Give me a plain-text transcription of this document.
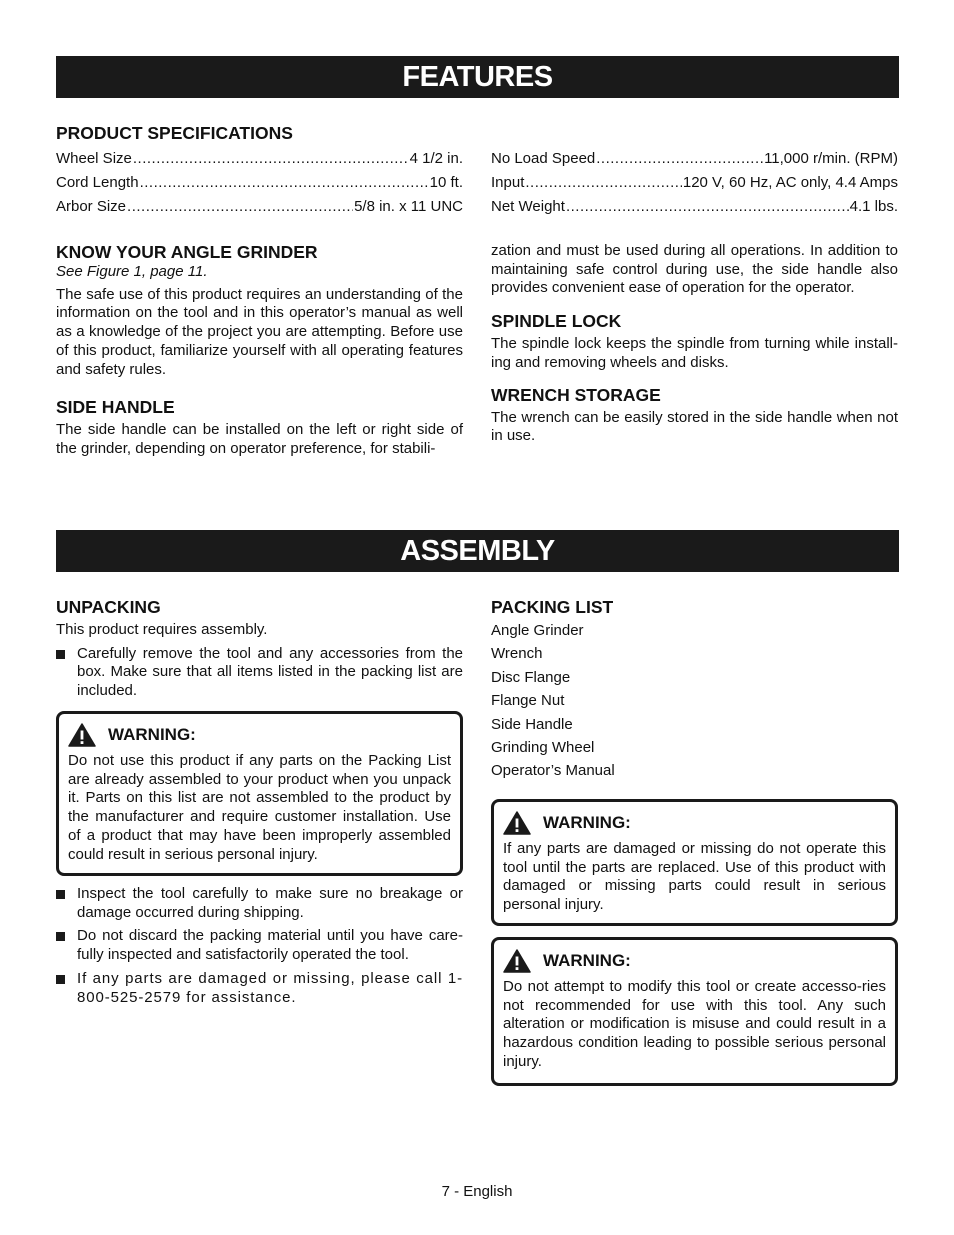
FEATURES
PRODUCT SPECIFICATIONS
Wheel Size .....	4 1/2 in.
Cord Length .....	10 ft.
Arbor Size .....	5/8 in. x 11 UNC
KNOW YOUR ANGLE GRINDER

See Figure 1, page 11.

The safe use of this product requires an understanding of the information on the tool and in this operator’s manual as well as a knowledge of the project you are attempting. Before use of this product, familiarize yourself with all operating features and safety rules.

SIDE HANDLE

The side handle can be installed on the left or right side of the grinder, depending on operator preference, for stabili-

No Load Speed .....	11,000 r/min. (RPM)
Input .....	120 V, 60 Hz, AC only, 4.4 Amps
Net Weight .....	4.1 lbs.

zation and must be used during all operations. In addition to maintaining safe control during use, the side handle also provides convenient ease of operation for the operator.

SPINDLE LOCK

The spindle lock keeps the spindle from turning while install-ing and removing wheels and disks.

WRENCH STORAGE

The wrench can be easily stored in the side handle when not in use.

ASSEMBLY
UNPACKING

This product requires assembly.

Carefully remove the tool and any accessories from the box. Make sure that all items listed in the packing list are included.
WARNING:

Do not use this product if any parts on the Packing List are already assembled to your product when you unpack it. Parts on this list are not assembled to the product by the manufacturer and require customer installation. Use of a product that may have been improperly assembled could result in serious personal injury.

Inspect the tool carefully to make sure no breakage or damage occurred during shipping.
Do not discard the packing material until you have care-fully inspected and satisfactorily operated the tool.
If any parts are damaged or missing, please call 1-800-525-2579 for assistance.
PACKING LIST
Angle Grinder
Wrench
Disc Flange
Flange Nut
Side Handle
Grinding Wheel
Operator’s Manual
WARNING:

If any parts are damaged or missing do not operate this tool until the parts are replaced. Use of this product with damaged or missing parts could result in serious personal injury.

WARNING:

Do not attempt to modify this tool or create accesso-ries not recommended for use with this tool. Any such alteration or modification is misuse and could result in a hazardous condition leading to possible serious personal injury.

7 - English
